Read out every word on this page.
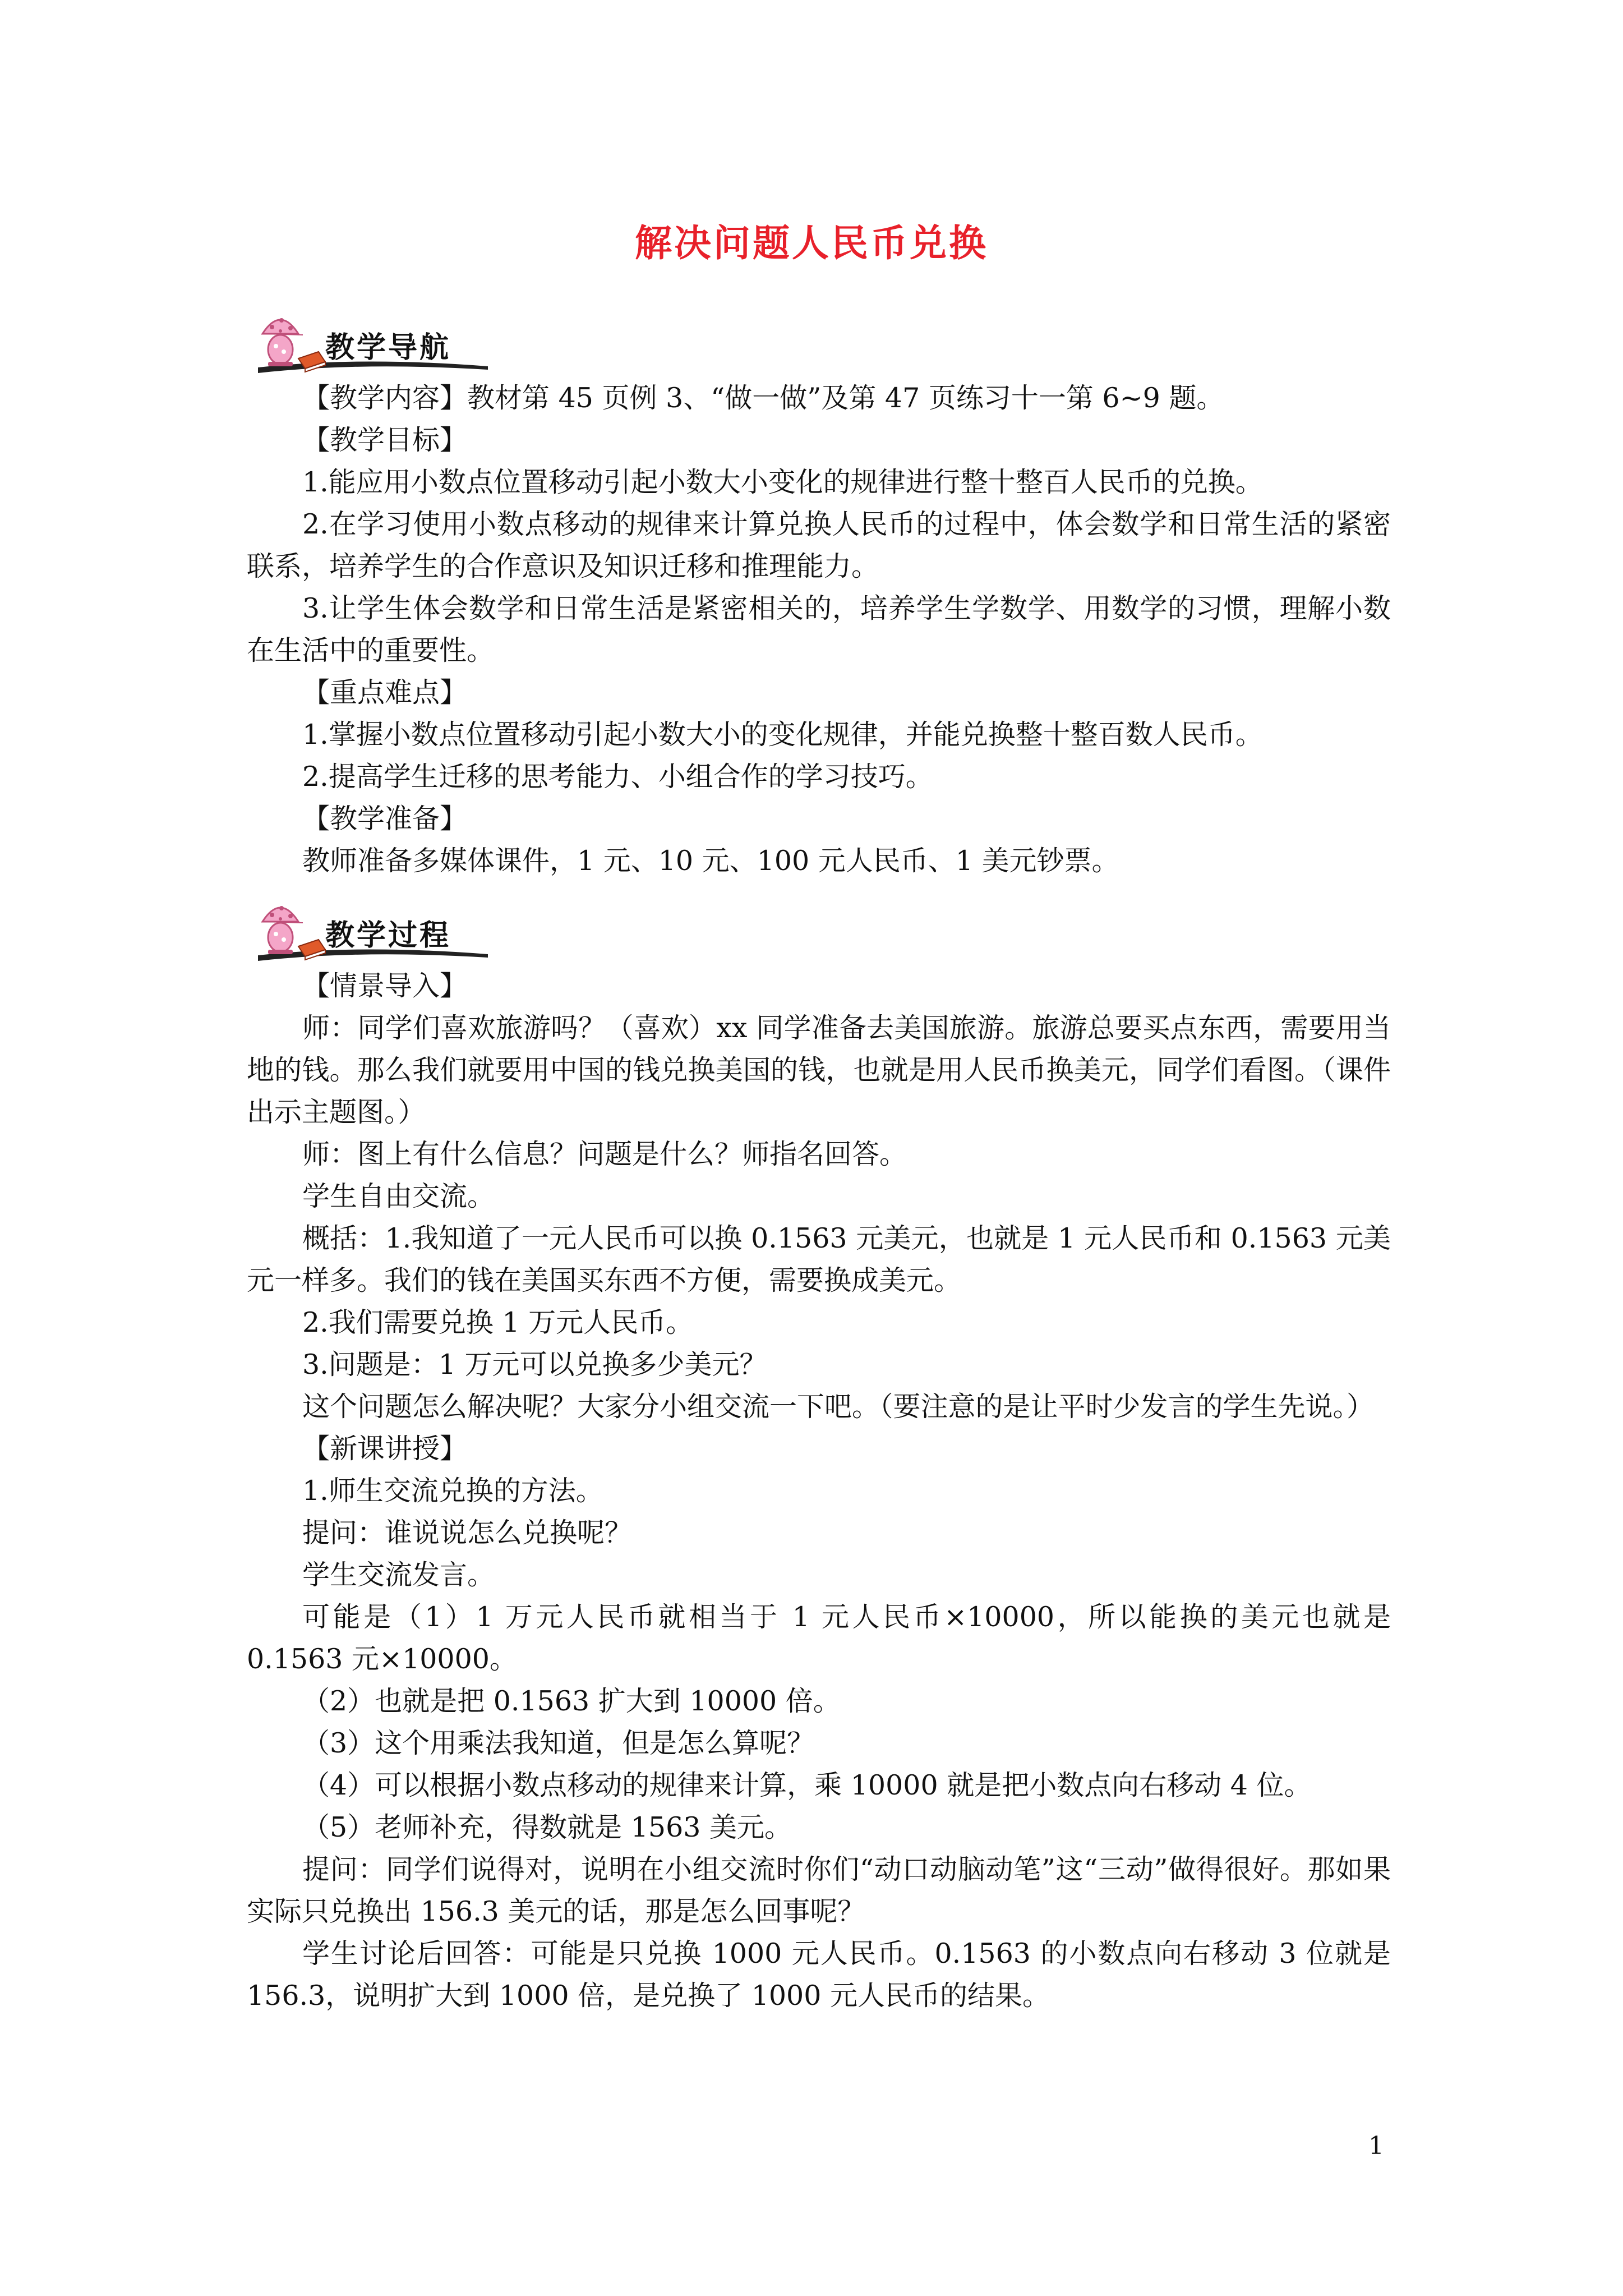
解决问题人民币兑换
教学导航

【教学内容】教材第 45 页例 3、“做一做”及第 47 页练习十一第 6~9 题。

【教学目标】

1.能应用小数点位置移动引起小数大小变化的规律进行整十整百人民币的兑换。

2.在学习使用小数点移动的规律来计算兑换人民币的过程中，体会数学和日常生活的紧密联系，培养学生的合作意识及知识迁移和推理能力。

3.让学生体会数学和日常生活是紧密相关的，培养学生学数学、用数学的习惯，理解小数在生活中的重要性。

【重点难点】

1.掌握小数点位置移动引起小数大小的变化规律，并能兑换整十整百数人民币。

2.提高学生迁移的思考能力、小组合作的学习技巧。

【教学准备】

教师准备多媒体课件，1 元、10 元、100 元人民币、1 美元钞票。

教学过程

【情景导入】

师：同学们喜欢旅游吗？（喜欢）xx 同学准备去美国旅游。旅游总要买点东西，需要用当地的钱。那么我们就要用中国的钱兑换美国的钱，也就是用人民币换美元，同学们看图。（课件出示主题图。）

师：图上有什么信息？问题是什么？师指名回答。

学生自由交流。

概括：1.我知道了一元人民币可以换 0.1563 元美元，也就是 1 元人民币和 0.1563 元美元一样多。我们的钱在美国买东西不方便，需要换成美元。

2.我们需要兑换 1 万元人民币。

3.问题是：1 万元可以兑换多少美元？

这个问题怎么解决呢？大家分小组交流一下吧。（要注意的是让平时少发言的学生先说。）

【新课讲授】

1.师生交流兑换的方法。

提问：谁说说怎么兑换呢？

学生交流发言。

可能是（1）1 万元人民币就相当于 1 元人民币×10000，所以能换的美元也就是 0.1563 元×10000。

（2）也就是把 0.1563 扩大到 10000 倍。

（3）这个用乘法我知道，但是怎么算呢？

（4）可以根据小数点移动的规律来计算，乘 10000 就是把小数点向右移动 4 位。

（5）老师补充，得数就是 1563 美元。

提问：同学们说得对，说明在小组交流时你们“动口动脑动笔”这“三动”做得很好。那如果实际只兑换出 156.3 美元的话，那是怎么回事呢？

学生讨论后回答：可能是只兑换 1000 元人民币。0.1563 的小数点向右移动 3 位就是 156.3，说明扩大到 1000 倍，是兑换了 1000 元人民币的结果。

1
